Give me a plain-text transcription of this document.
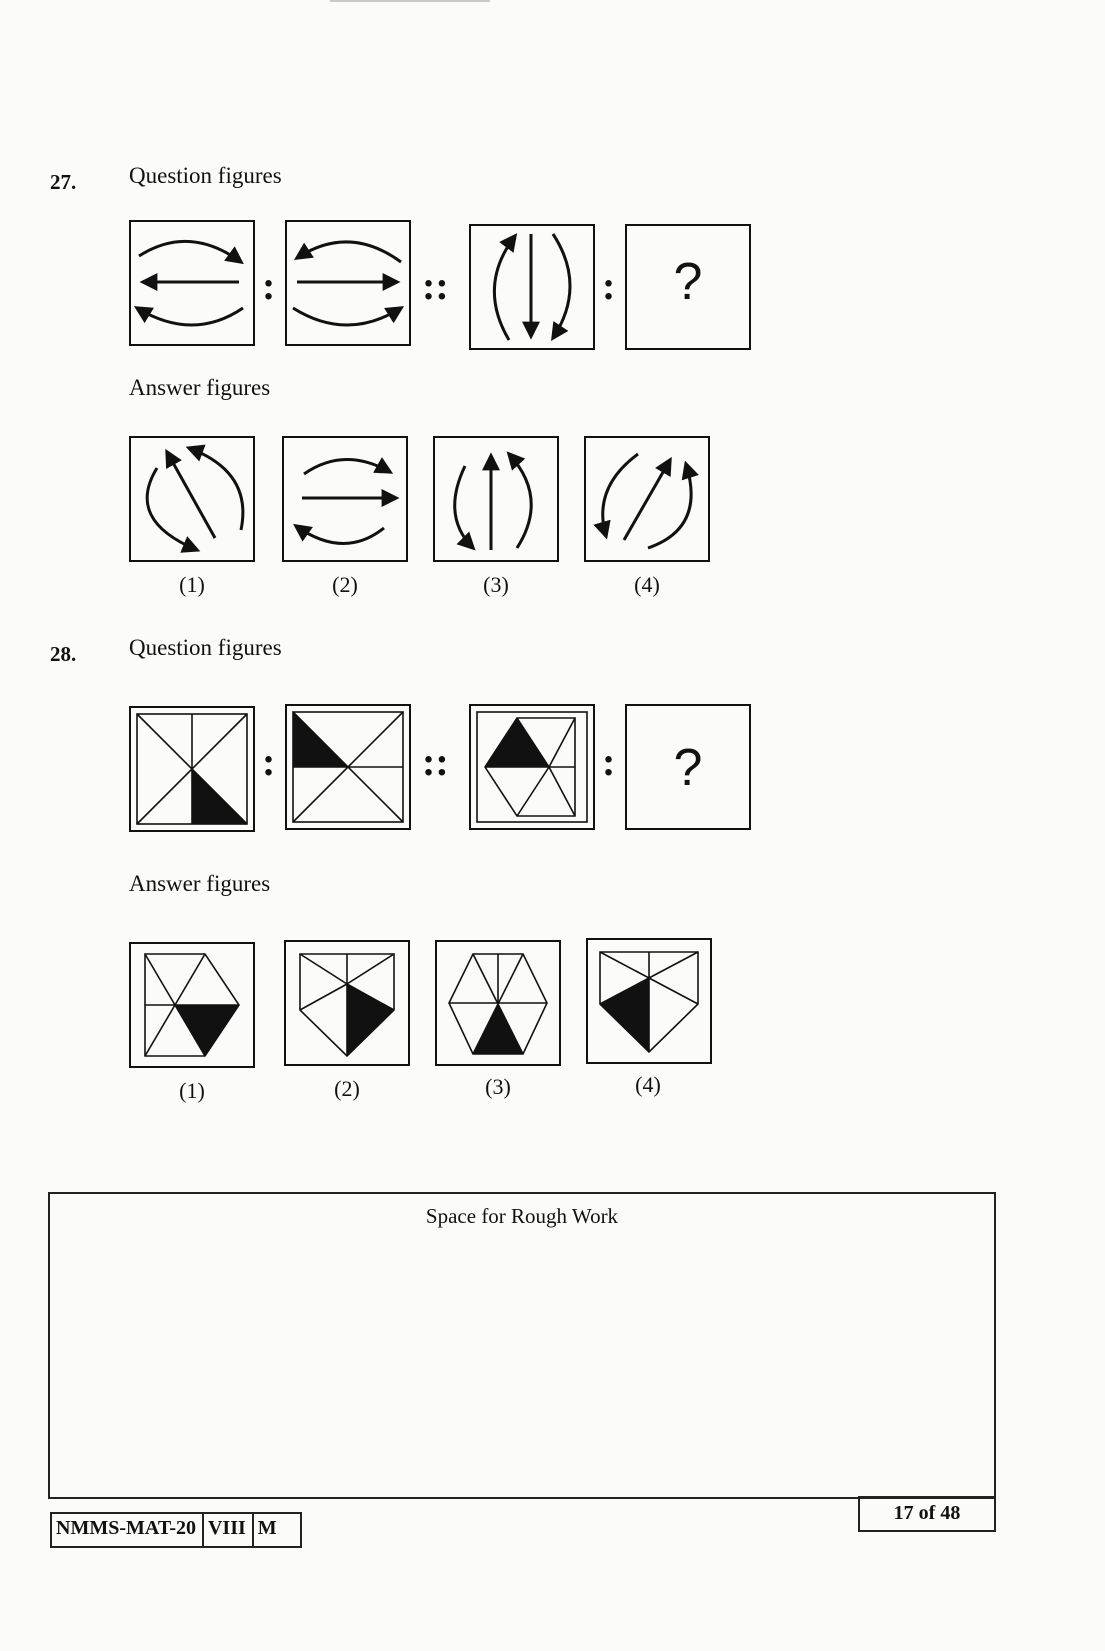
27. Question figures
:	::	:	?
Answer figures
(1)	(2)	(3)	(4)
28. Question figures
:	::	:	?
Answer figures
(1)	(2)	(3)	(4)
Space for Rough Work
NMMS-MAT-20 VIII M
17 of 48
